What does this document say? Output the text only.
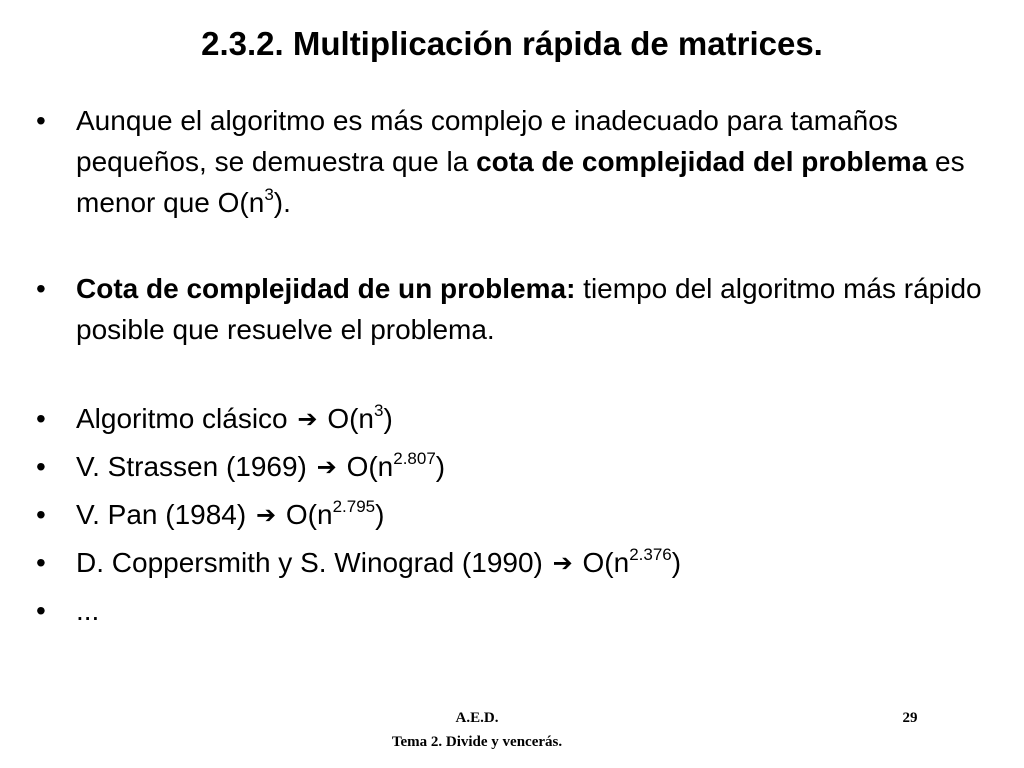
2.3.2. Multiplicación rápida de matrices.
• Aunque el algoritmo es más complejo e inadecuado para tamaños pequeños, se demuestra que la cota de complejidad del problema es menor que $O(n^3)$.
• Cota de complejidad de un problema: tiempo del algoritmo más rápido posible que resuelve el problema.
• Algoritmo clásico ➔ $O(n^3)$
• V. Strassen (1969) ➔ $O(n^{2.807})$
• V. Pan (1984) ➔ $O(n^{2.795})$
• D. Coppersmith y S. Winograd (1990) ➔ $O(n^{2.376})$
• ...
A.E.D.
Tema 2. Divide y vencerás.
29
